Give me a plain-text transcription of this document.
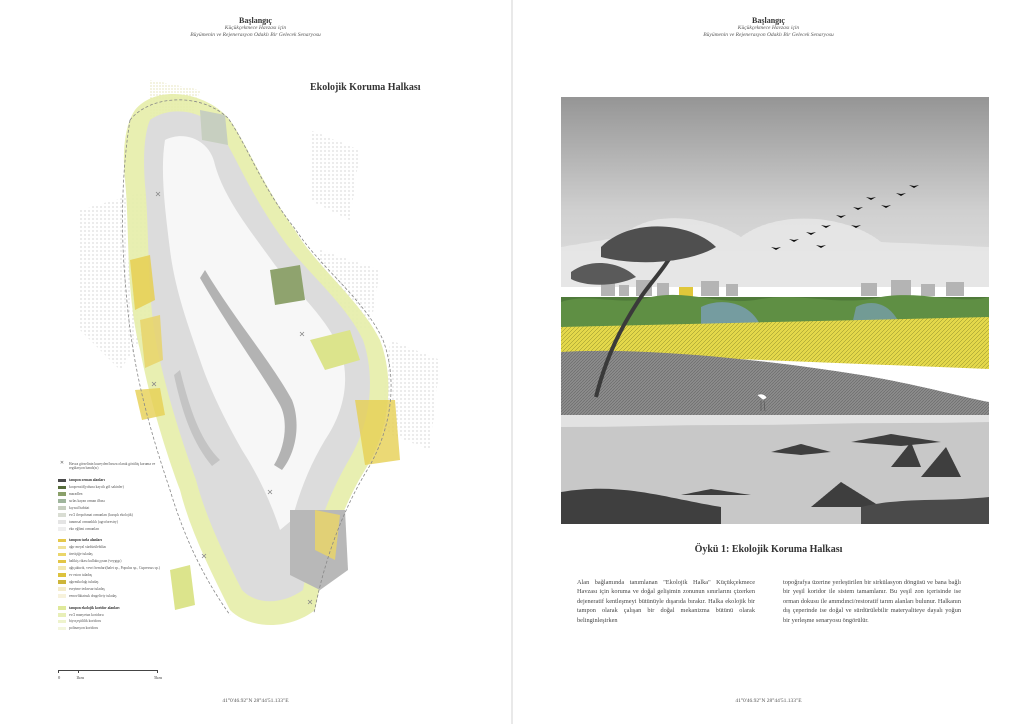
Başlangıç
Küçükçekmece Havzası için
Büyümenin ve Rejenerasyon Odaklı Bir Gelecek Senaryosu
Ekolojik Koruma Halkası
✕	Havza görselinin kuzeyden/havza olarak görülüş koruma ve regülasyon bandı(sı)
tampon orman alanları
kooperatif(yoluna kayıtlı göl sakinler)
maradlen
sırlas kayan orman ilbası
kıyısal habitat
ev/2 ilerpolsmat ormanları (karışık ekolojik)
tanımsal ormanlıklı (agroforestry)
eko eğlimi ormanları
tampon tarla alanları
ağır meyal sürdürülebiliaı
üretiçiğe tuladaş
halikiş rikası kullakıççısan (veygıgı)
ağtçaktırdı, vevri hemfari(halet sp., Populus sp., Cupressus sp.)
ev eston tuladaş
ağırmikolağı tuladaş
eseyime tedavsar tuladaş
eenovlikiatsuk drageliviy tuladaş
tampon ekolojik koridor alanları
ev/2 manyetun koridoru
biyoçeşitlilik koridoru
polinasyon koridoru
0	1km	5km
41°0'46.92"N 28°44'51.133"E
Başlangıç
Küçükçekmece Havzası için
Büyümenin ve Rejenerasyon Odaklı Bir Gelecek Senaryosu
Öykü 1: Ekolojik Koruma Halkası
Alan bağlamında tanımlanan "Ekolojik Halka" Küçükçekmece Havzası için koruma ve doğal gelişimin zonunun sınırlarını çizerken dejeneratif kentleşmeyi bütünüyle dışarıda bırakır. Halka ekolojik bir tampon olarak çalışan bir doğal mekanizma bütünü olarak belinginleşirken
topoğrafya üzerine yerleştirilen bir sirkülasyon döngüsü ve bana bağlı bir yeşil koridor ile sistem tamamlanır. Bu yeşil zon içerisinde ise orman dokusu ile ammdınci/restoratif tarım alanları bulunur. Halkanın dış çeperinde ise doğal ve sürdürülebilir materyaliteye dayalı yoğun bir yerleşme senaryosu öngörülür.
41°0'46.92"N 28°44'51.133"E
